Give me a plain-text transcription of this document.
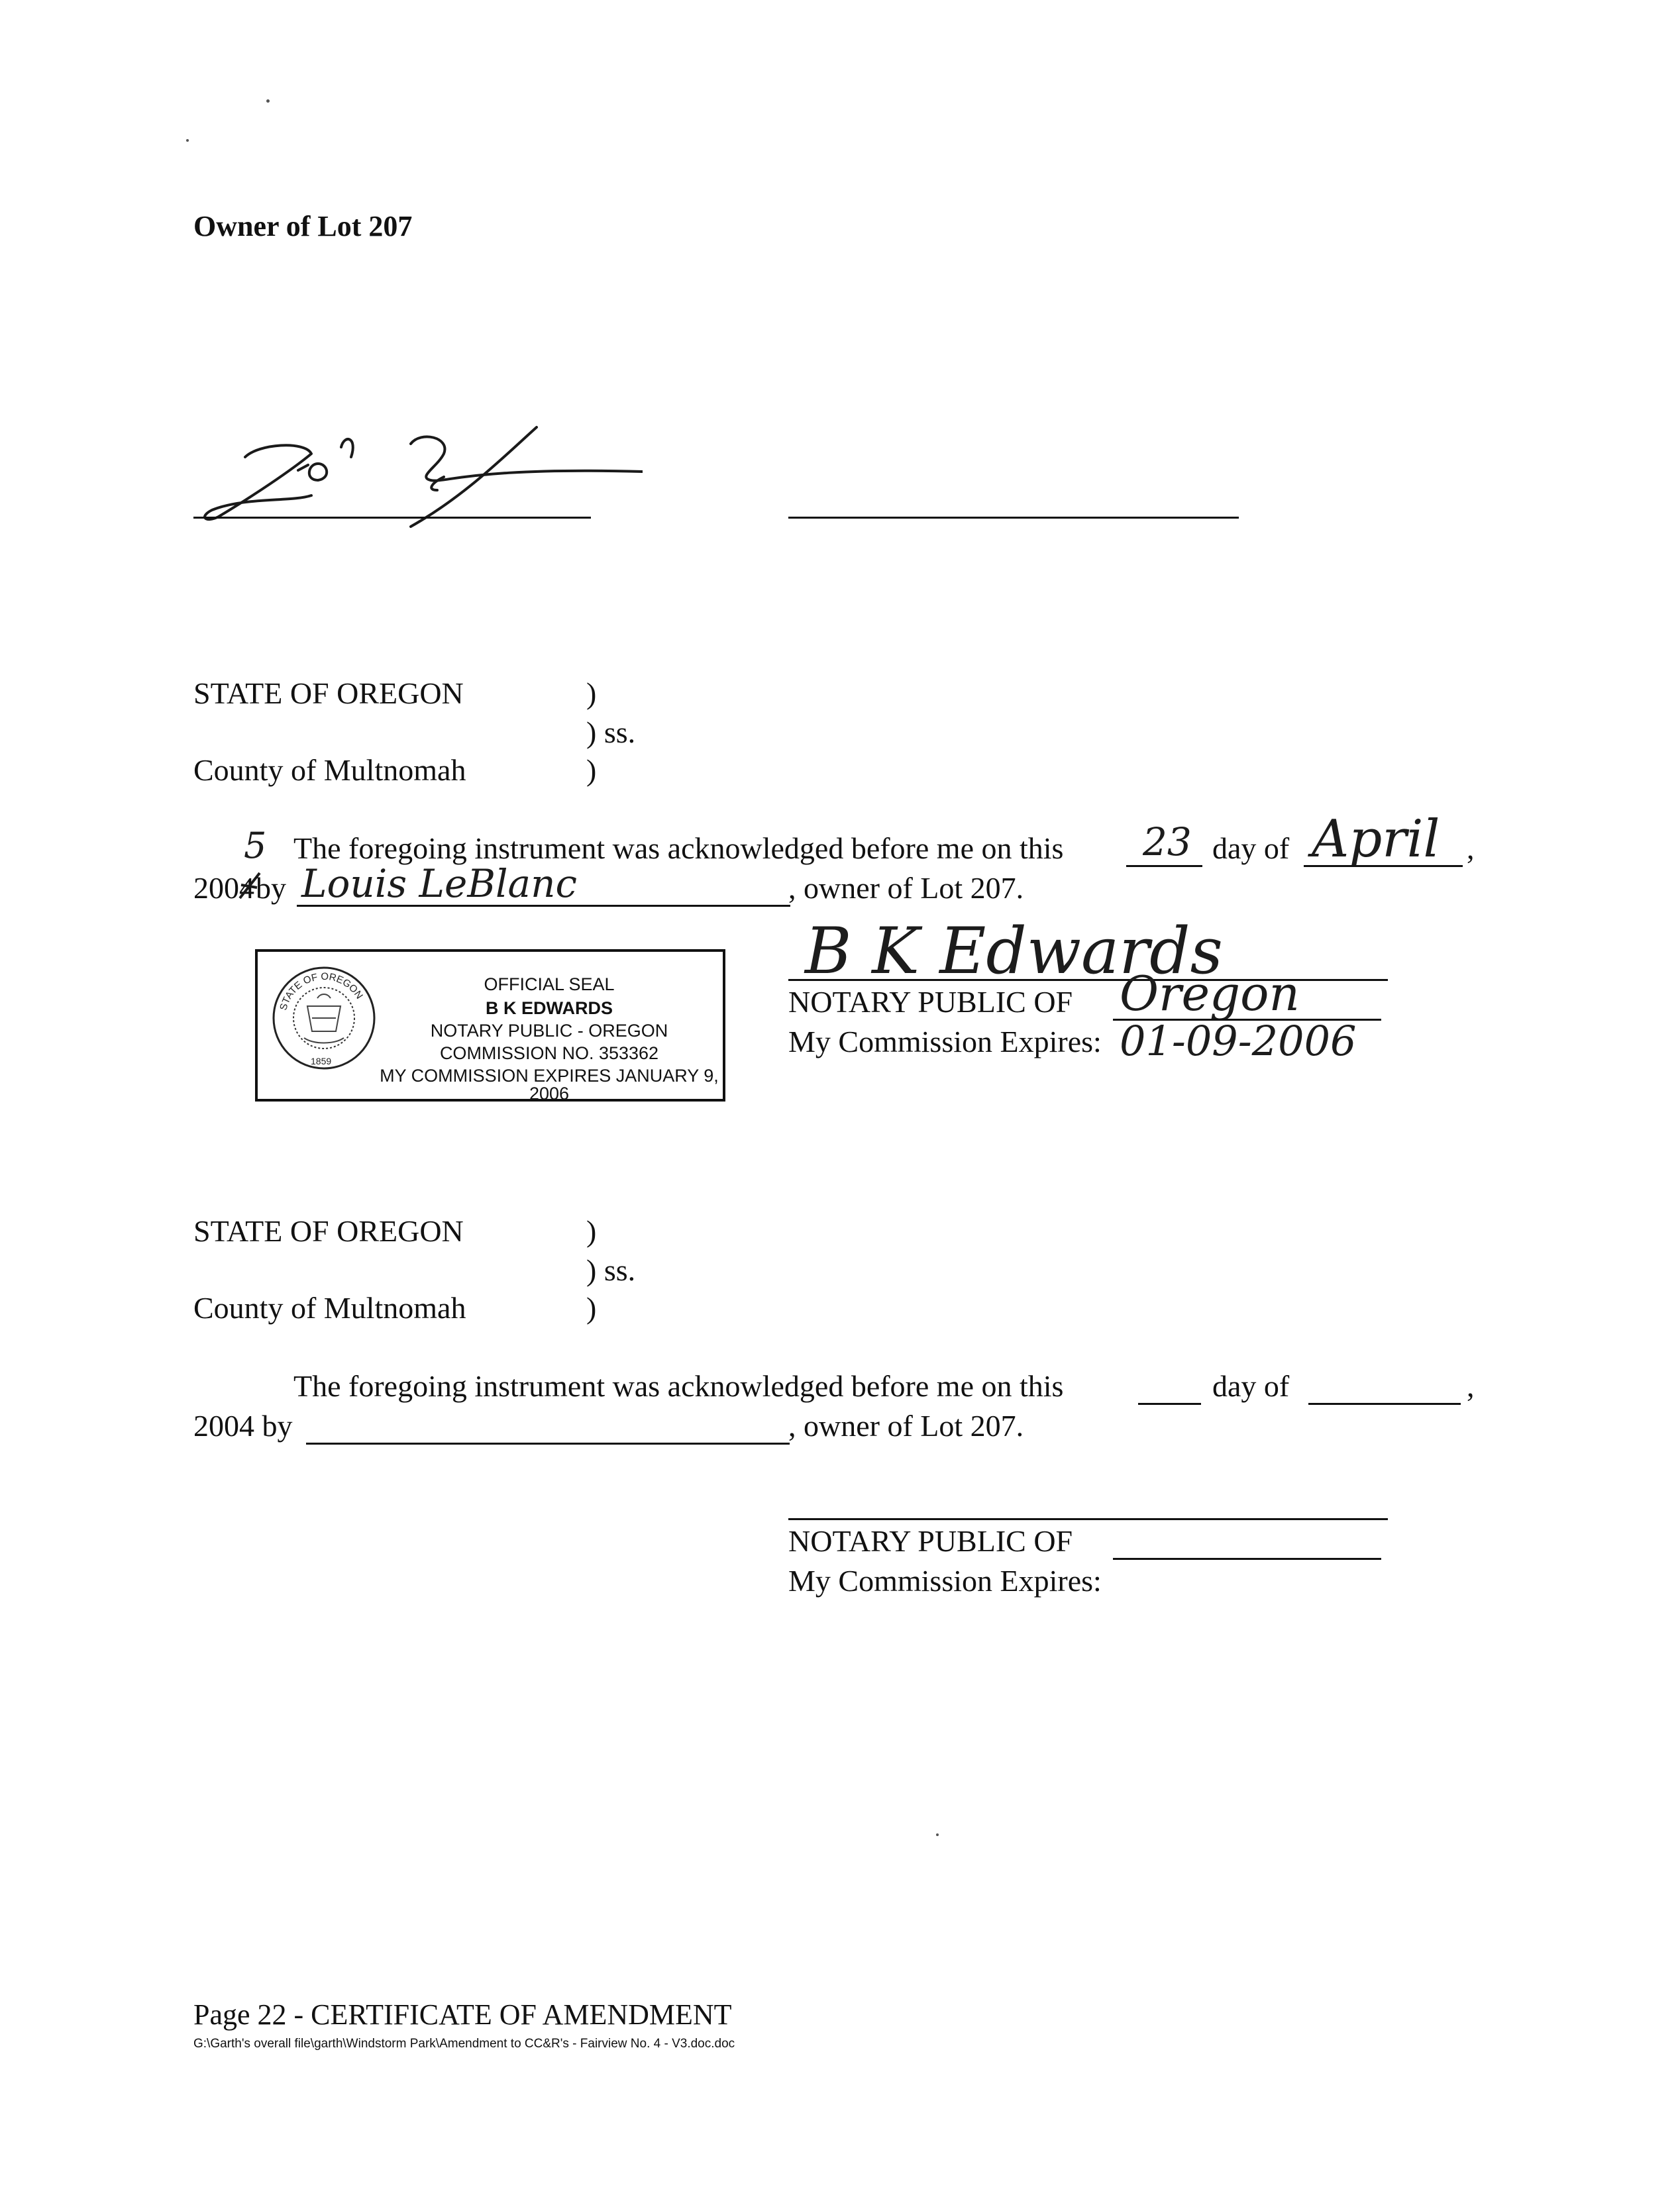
Owner of Lot 207
STATE OF OREGON	)
) ss.
County of Multnomah	)
5 The foregoing instrument was acknowledged before me on this 23 day of April ,
200 4 by Louis LeBlanc	, owner of Lot 207.
B K Edwards
NOTARY PUBLIC OF Oregon
My Commission Expires: 01-09-2006
STATE OF OREGON
1859
OFFICIAL SEAL
B K EDWARDS
NOTARY PUBLIC - OREGON
COMMISSION NO. 353362
MY COMMISSION EXPIRES JANUARY 9, 2006
STATE OF OREGON	)
) ss.
County of Multnomah	)
The foregoing instrument was acknowledged before me on this	day of	,
2004 by	, owner of Lot 207.
NOTARY PUBLIC OF
My Commission Expires:
Page 22 - CERTIFICATE OF AMENDMENT
G:\Garth's overall file\garth\Windstorm Park\Amendment to CC&R's - Fairview No. 4 - V3.doc.doc
